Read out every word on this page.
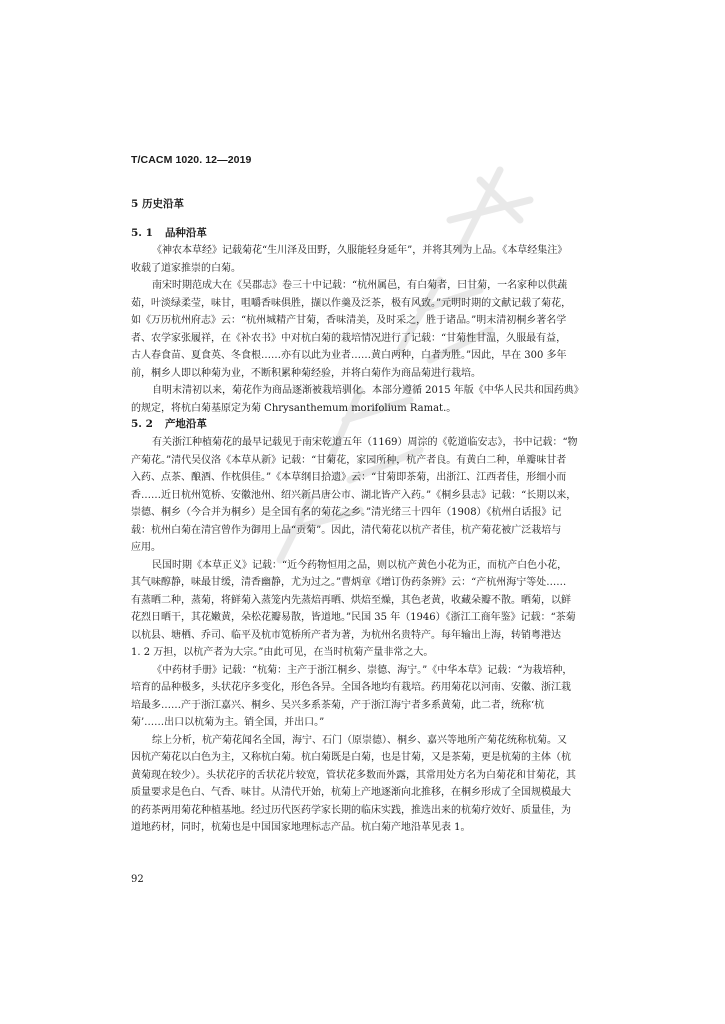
T/CACM 1020. 12—2019
5 历史沿革
5. 1 品种沿革

《神农本草经》记载菊花“生川泽及田野，久服能轻身延年”，并将其列为上品。《本草经集注》
收载了道家推崇的白菊。

南宋时期范成大在《吴郡志》卷三十中记载：“杭州属邑，有白菊者，曰甘菊，一名家种以供蔬
茹，叶淡绿柔莹，味甘，咀嚼香味俱胜，撷以作羹及泛茶，极有风致。”元明时期的文献记载了菊花，
如《万历杭州府志》云：“杭州城精产甘菊，香味清美，及时采之，胜于诸品。”明末清初桐乡著名学
者、农学家张履祥，在《补农书》中对杭白菊的栽培情况进行了记载：“甘菊性甘温，久服最有益，
古人春食苗、夏食英、冬食根……亦有以此为业者……黄白两种，白者为胜。”因此，早在 300 多年
前，桐乡人即以种菊为业，不断积累种菊经验，并将白菊作为商品菊进行栽培。

自明末清初以来，菊花作为商品逐渐被栽培驯化。本部分遵循 2015 年版《中华人民共和国药典》
的规定，将杭白菊基原定为菊 Chrysanthemum morifolium Ramat.。

5. 2 产地沿革

有关浙江种植菊花的最早记载见于南宋乾道五年（1169）周淙的《乾道临安志》，书中记载：“物
产菊花。”清代吴仪洛《本草从新》记载：“甘菊花，家园所种，杭产者良。有黄白二种，单瓣味甘者
入药、点茶、酿酒、作枕俱佳。”《本草纲目拾遗》云：“甘菊即茶菊，出浙江、江西者佳，形细小而
香……近日杭州笕桥、安徽池州、绍兴新昌唐公市、湖北皆产入药。”《桐乡县志》记载：“长期以来，
崇德、桐乡（今合并为桐乡）是全国有名的菊花之乡。”清光绪三十四年（1908）《杭州白话报》记
载：杭州白菊在清宫曾作为御用上品“贡菊”。因此，清代菊花以杭产者佳，杭产菊花被广泛栽培与
应用。

民国时期《本草正义》记载：“近今药物恒用之品，则以杭产黄色小花为正，而杭产白色小花，
其气味醇静，味最甘缓，清香幽静，尤为过之。”曹炳章《增订伪药条辨》云：“产杭州海宁等处……
有蒸晒二种，蒸菊，将鲜菊入蒸笼内先蒸焙再晒、烘焙至燥，其色老黄，收藏朵瓣不散。晒菊，以鲜
花烈日晒干，其花嫩黄，朵松花瓣易散，皆道地。”民国 35 年（1946）《浙江工商年鉴》记载：“茶菊
以杭县、塘栖、乔司、临平及杭市笕桥所产者为著，为杭州名贵特产。每年输出上海，转销粤港达
1. 2 万担，以杭产者为大宗。”由此可见，在当时杭菊产量非常之大。

《中药材手册》记载：“杭菊：主产于浙江桐乡、崇德、海宁。”《中华本草》记载：“为栽培种，
培育的品种极多，头状花序多变化，形色各异。全国各地均有栽培。药用菊花以河南、安徽、浙江栽
培最多……产于浙江嘉兴、桐乡、吴兴多系茶菊，产于浙江海宁者多系黄菊，此二者，统称‘杭
菊’……出口以杭菊为主。销全国，并出口。”

综上分析，杭产菊花闻名全国，海宁、石门（原崇德）、桐乡、嘉兴等地所产菊花统称杭菊。又
因杭产菊花以白色为主，又称杭白菊。杭白菊既是白菊，也是甘菊，又是茶菊，更是杭菊的主体（杭
黄菊现在较少）。头状花序的舌状花片较宽，管状花多数而外露，其常用处方名为白菊花和甘菊花，其
质量要求是色白、气香、味甘。从清代开始，杭菊上产地逐渐向北推移，在桐乡形成了全国规模最大
的药茶两用菊花种植基地。经过历代医药学家长期的临床实践，推选出来的杭菊疗效好、质量佳，为
道地药材，同时，杭菊也是中国国家地理标志产品。杭白菊产地沿革见表 1。

92
